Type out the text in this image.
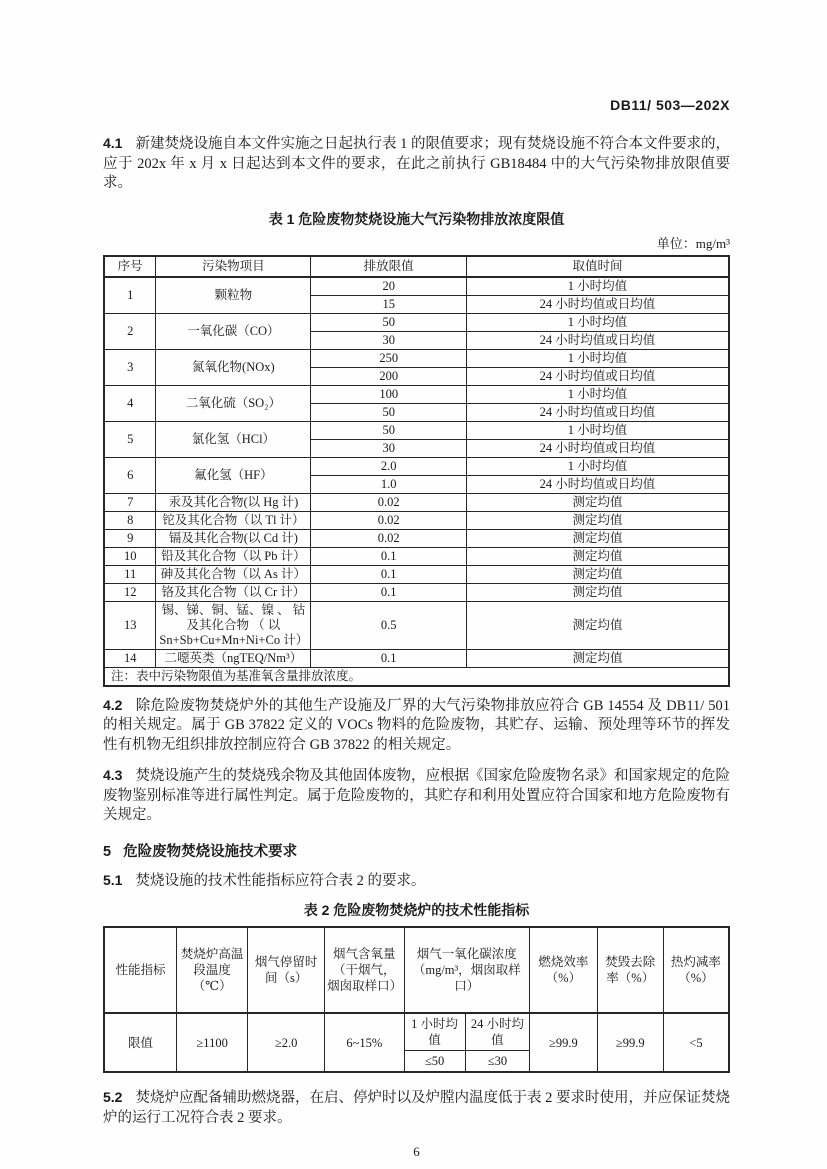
DB11/ 503—202X

4.1 新建焚烧设施自本文件实施之日起执行表 1 的限值要求；现有焚烧设施不符合本文件要求的，应于 202x 年 x 月 x 日起达到本文件的要求，在此之前执行 GB18484 中的大气污染物排放限值要求。

表 1 危险废物焚烧设施大气污染物排放浓度限值
单位：mg/m³
序号	污染物项目	排放限值	取值时间
1	颗粒物	20	1 小时均值
		15	24 小时均值或日均值
2	一氧化碳（CO）	50	1 小时均值
		30	24 小时均值或日均值
3	氮氧化物(NOx)	250	1 小时均值
		200	24 小时均值或日均值
4	二氧化硫（SO₂）	100	1 小时均值
		50	24 小时均值或日均值
5	氯化氢（HCl）	50	1 小时均值
		30	24 小时均值或日均值
6	氟化氢（HF）	2.0	1 小时均值
		1.0	24 小时均值或日均值
7	汞及其化合物(以 Hg 计)	0.02	测定均值
8	铊及其化合物（以 Tl 计）	0.02	测定均值
9	镉及其化合物(以 Cd 计)	0.02	测定均值
10	铅及其化合物（以 Pb 计）	0.1	测定均值
11	砷及其化合物（以 As 计）	0.1	测定均值
12	铬及其化合物（以 Cr 计）	0.1	测定均值
13	锡、锑、铜、锰、镍 、 钴及其化合物 （ 以 Sn+Sb+Cu+Mn+Ni+Co 计）	0.5	测定均值
14	二噁英类（ngTEQ/Nm³）	0.1	测定均值
注：表中污染物限值为基准氧含量排放浓度。			

4.2 除危险废物焚烧炉外的其他生产设施及厂界的大气污染物排放应符合 GB 14554 及 DB11/ 501 的相关规定。属于 GB 37822 定义的 VOCs 物料的危险废物，其贮存、运输、预处理等环节的挥发性有机物无组织排放控制应符合 GB 37822 的相关规定。

4.3 焚烧设施产生的焚烧残余物及其他固体废物，应根据《国家危险废物名录》和国家规定的危险废物鉴别标准等进行属性判定。属于危险废物的，其贮存和利用处置应符合国家和地方危险废物有关规定。

5 危险废物焚烧设施技术要求

5.1 焚烧设施的技术性能指标应符合表 2 的要求。

表 2 危险废物焚烧炉的技术性能指标
性能指标	焚烧炉高温段温度（℃）	烟气停留时间（s）	烟气含氧量（干烟气，烟囱取样口）	烟气一氧化碳浓度（mg/m³，烟囱取样口）		燃烧效率（%）	焚毁去除率（%）	热灼减率（%）
限值	≥1100	≥2.0	6~15%	1 小时均值	24 小时均值	≥99.9	≥99.9	<5
				≤50	≤30			

5.2 焚烧炉应配备辅助燃烧器，在启、停炉时以及炉膛内温度低于表 2 要求时使用，并应保证焚烧炉的运行工况符合表 2 要求。

6
